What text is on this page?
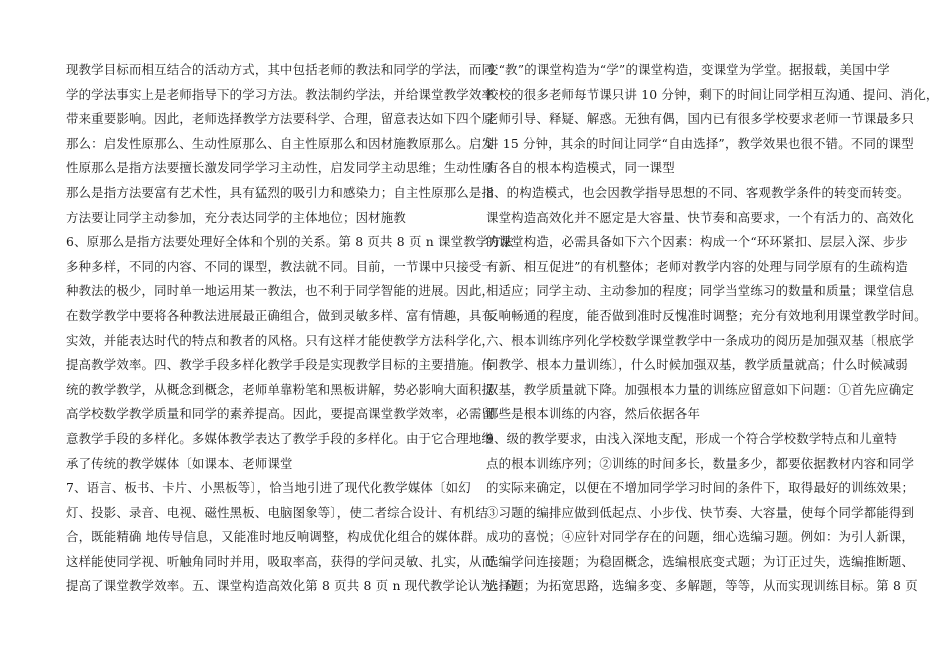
现教学目标而相互结合的活动方式，其中包括老师的教法和同学的学法，而同
学的学法事实上是老师指导下的学习方法。教法制约学法，并给课堂教学效率
带来重要影响。因此，老师选择教学方法要科学、合理，留意表达如下四个原
那么：启发性原那么、生动性原那么、自主性原那么和因材施教原那么。启发
性原那么是指方法要擅长激发同学学习主动性，启发同学主动思维；生动性原
那么是指方法要富有艺术性，具有猛烈的吸引力和感染力；自主性原那么是指
方法要让同学主动参加，充分表达同学的主体地位；因材施教
6、原那么是指方法要处理好全体和个别的关系。第 8 页共 8 页 n 课堂教学方法
多种多样，不同的内容、不同的课型，教法就不同。目前，一节课中只接受一
种教法的极少，同时单一地运用某一教法，也不利于同学智能的进展。因此，
在数学教学中要将各种教法进展最正确组合，做到灵敏多样、富有情趣，具有
实效，并能表达时代的特点和教者的风格。只有这样才能使教学方法科学化，
提高教学效率。四、教学手段多样化教学手段是实现教学目标的主要措施。传
统的教学教学，从概念到概念，老师单靠粉笔和黑板讲解，势必影响大面积提
高学校数学教学质量和同学的素养提高。因此，要提高课堂教学效率，必需留
意教学手段的多样化。多媒体教学表达了教学手段的多样化。由于它合理地继
承了传统的教学媒体〔如课本、老师课堂
7、语言、板书、卡片、小黑板等〕，恰当地引进了现代化教学媒体〔如幻
灯、投影、录音、电视、磁性黑板、电脑图象等〕，使二者综合设计、有机结
合，既能精确 地传导信息，又能准时地反响调整，构成优化组合的媒体群。
这样能使同学视、听触角同时并用，吸取率高，获得的学问灵敏、扎实，从而
提高了课堂教学效率。五、课堂构造高效化第 8 页共 8 页 n 现代教学论认为：应
变“教”的课堂构造为“学”的课堂构造，变课堂为学堂。据报载，美国中学
校校的很多老师每节课只讲 10 分钟，剩下的时间让同学相互沟通、提问、消化，
老师引导、释疑、解惑。无独有偶，国内已有很多学校要求老师一节课最多只
讲 15 分钟，其余的时间让同学“自由选择”，教学效果也很不错。不同的课型
有各自的根本构造模式，同一课型
8、的构造模式，也会因教学指导思想的不同、客观教学条件的转变而转变。
课堂构造高效化并不愿定是大容量、快节奏和高要求，一个有活力的、高效化
的课堂构造，必需具备如下六个因素：构成一个“环环紧扣、层层入深、步步
有新、相互促进”的有机整体；老师对教学内容的处理与同学原有的生疏构造
相适应；同学主动、主动参加的程度；同学当堂练习的数量和质量；课堂信息
反响畅通的程度，能否做到准时反愧准时调整；充分有效地利用课堂教学时间。
六、根本训练序列化学校数学课堂教学中一条成功的阅历是加强双基〔根底学
问教学、根本力量训练〕，什么时候加强双基，教学质量就高；什么时候减弱
双基，教学质量就下降。加强根本力量的训练应留意如下问题：①首先应确定
哪些是根本训练的内容，然后依据各年
9、级的教学要求，由浅入深地支配，形成一个符合学校数学特点和儿童特
点的根本训练序列；②训练的时间多长，数量多少，都要依据教材内容和同学
的实际来确定，以便在不增加同学学习时间的条件下，取得最好的训练效果；
③习题的编排应做到低起点、小步伐、快节奏、大容量，使每个同学都能得到
成功的喜悦；④应针对同学存在的问题，细心选编习题。例如：为引人新课，
选编学问连接题；为稳固概念，选编根底变式题；为订正过失，选编推断题、
选择题；为拓宽思路，选编多变、多解题，等等，从而实现训练目标。第 8 页
